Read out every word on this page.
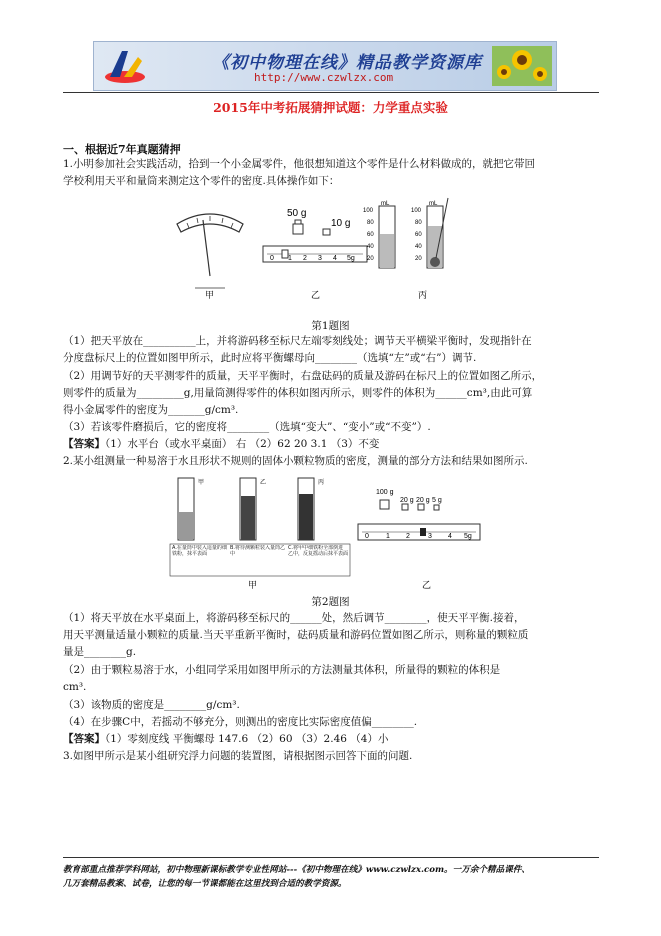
《初中物理在线》精品教学资源库
http://www.czwlzx.com
2015年中考拓展猜押试题：力学重点实验
一、根据近7年真题猜押
1.小明参加社会实践活动，拾到一个小金属零件，他很想知道这个零件是什么材料做成的，就把它带回
学校利用天平和量筒来测定这个零件的密度.具体操作如下：
50 g
10 g
0 1 2 3 4 5g
mL
100
80
60
40
20
mL
100
80
60
40
20
甲	乙	丙
第1题图
（1）把天平放在__________上，并将游码移至标尺左端零刻线处；调节天平横梁平衡时，发现指针在
分度盘标尺上的位置如图甲所示，此时应将平衡螺母向________（选填“左”或“右”）调节.
（2）用调节好的天平测零件的质量，天平平衡时，右盘砝码的质量及游码在标尺上的位置如图乙所示，
则零件的质量为_________g,用量筒测得零件的体积如图丙所示，则零件的体积为______cm³,由此可算
得小金属零件的密度为_______g/cm³.
（3）若该零件磨损后，它的密度将________（选填“变大”、“变小”或“不变”）.
【答案】（1）水平台（或水平桌面） 右 （2）62 20 3.1 （3）不变
2.某小组测量一种易溶于水且形状不规则的固体小颗粒物质的密度，测量的部分方法和结果如图所示.
甲	乙	丙
A.在量筒中装入适量的细铁粉，抹平表面
B.将待测颗粒装入量筒乙中
C.将甲中细铁粉全部倒进乙中，反复摇动后抹平表面
甲
100 g
20 g 20 g 5 g
0 1 2	3 4 5g
乙
第2题图
（1）将天平放在水平桌面上，将游码移至标尺的______处，然后调节________，使天平平衡.接着，
用天平测量适量小颗粒的质量.当天平重新平衡时，砝码质量和游码位置如图乙所示，则称量的颗粒质
量是________g.
（2）由于颗粒易溶于水，小组同学采用如图甲所示的方法测量其体积，所量得的颗粒的体积是
cm³.
（3）该物质的密度是________g/cm³.
（4）在步骤C中，若摇动不够充分，则测出的密度比实际密度值偏________.
【答案】（1）零刻度线 平衡螺母 147.6 （2）60 （3）2.46 （4）小
3.如图甲所示是某小组研究浮力问题的装置图，请根据图示回答下面的问题.
教育部重点推荐学科网站，初中物理新课标教学专业性网站---《初中物理在线》www.czwlzx.com。一万余个精品课件、
几万套精品教案、试卷，让您的每一节课都能在这里找到合适的教学资源。
